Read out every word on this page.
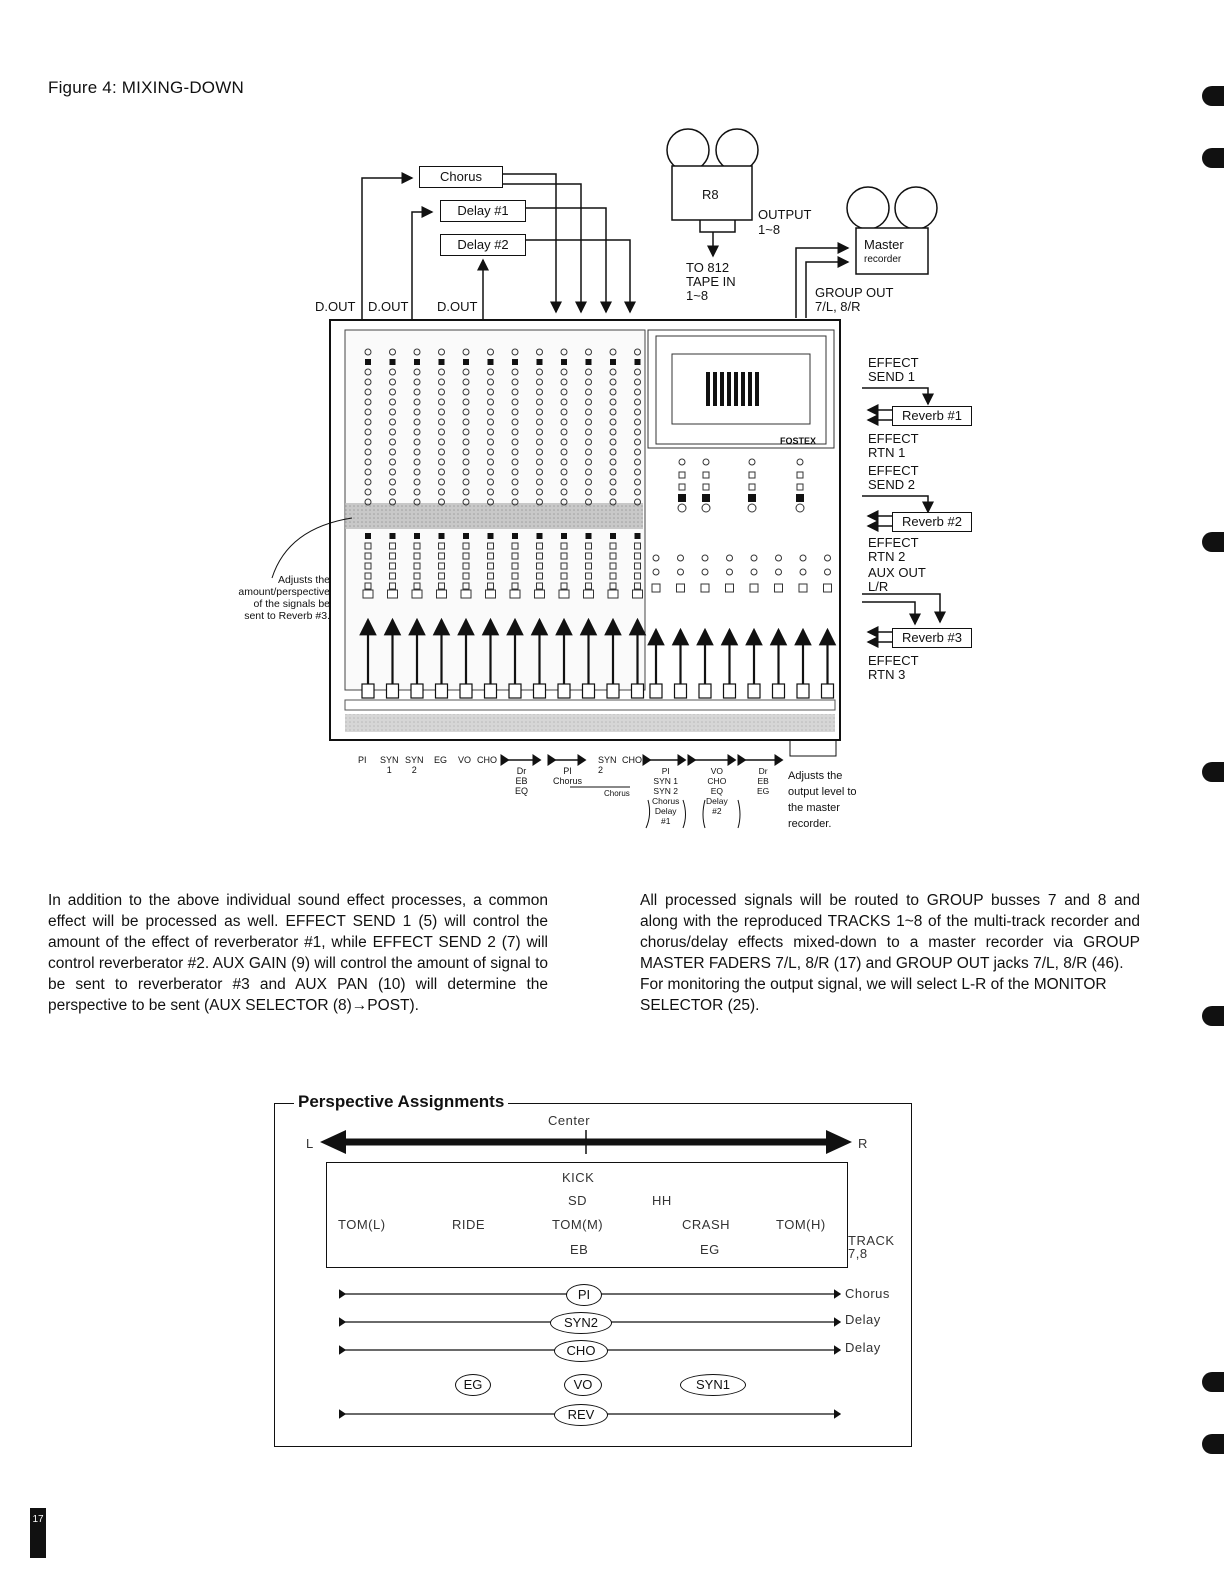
Figure 4: MIXING-DOWN
Chorus
Delay #1
Delay #2
D.OUT D.OUT D.OUT
R8
OUTPUT
1~8
TO 812
TAPE IN
1~8
Master
recorder
GROUP OUT
7/L, 8/R
FOSTEX
EFFECT
SEND 1
Reverb #1
EFFECT
RTN 1
EFFECT
SEND 2
Reverb #2
EFFECT
RTN 2
AUX OUT
L/R
Reverb #3
EFFECT
RTN 3
Adjusts the
amount/perspective
of the signals be
sent to Reverb #3.
Adjusts the
output level to
the master
recorder.
PI SYN
1
SYN
2
EG VO CHO
Dr
EB
EQ
PI
Chorus
SYN
2
CHO
Chorus
PI
SYN 1
SYN 2
Chorus
Delay
#1
VO
CHO
EQ
Delay
#2
Dr
EB
EG

In addition to the above individual sound effect processes, a common effect will be processed as well. EFFECT SEND 1 (5) will control the amount of the effect of reverberator #1, while EFFECT SEND 2 (7) will control reverberator #2. AUX GAIN (9) will control the amount of signal to be sent to reverberator #3 and AUX PAN (10) will determine the perspective to be sent (AUX SELECTOR (8)→POST).

All processed signals will be routed to GROUP busses 7 and 8 and along with the reproduced TRACKS 1~8 of the multi-track recorder and chorus/delay effects mixed-down to a master recorder via GROUP MASTER FADERS 7/L, 8/R (17) and GROUP OUT jacks 7/L, 8/R (46).

For monitoring the output signal, we will select L-R of the MONITOR SELECTOR (25).

Perspective Assignments
Center
L	R
KICK
SD	HH
TOM(L)	RIDE	TOM(M)	CRASH	TOM(H)
EB	EG
TRACK
7,8
PI	Chorus
SYN2	Delay
CHO	Delay
EG	VO	SYN1
REV
17
